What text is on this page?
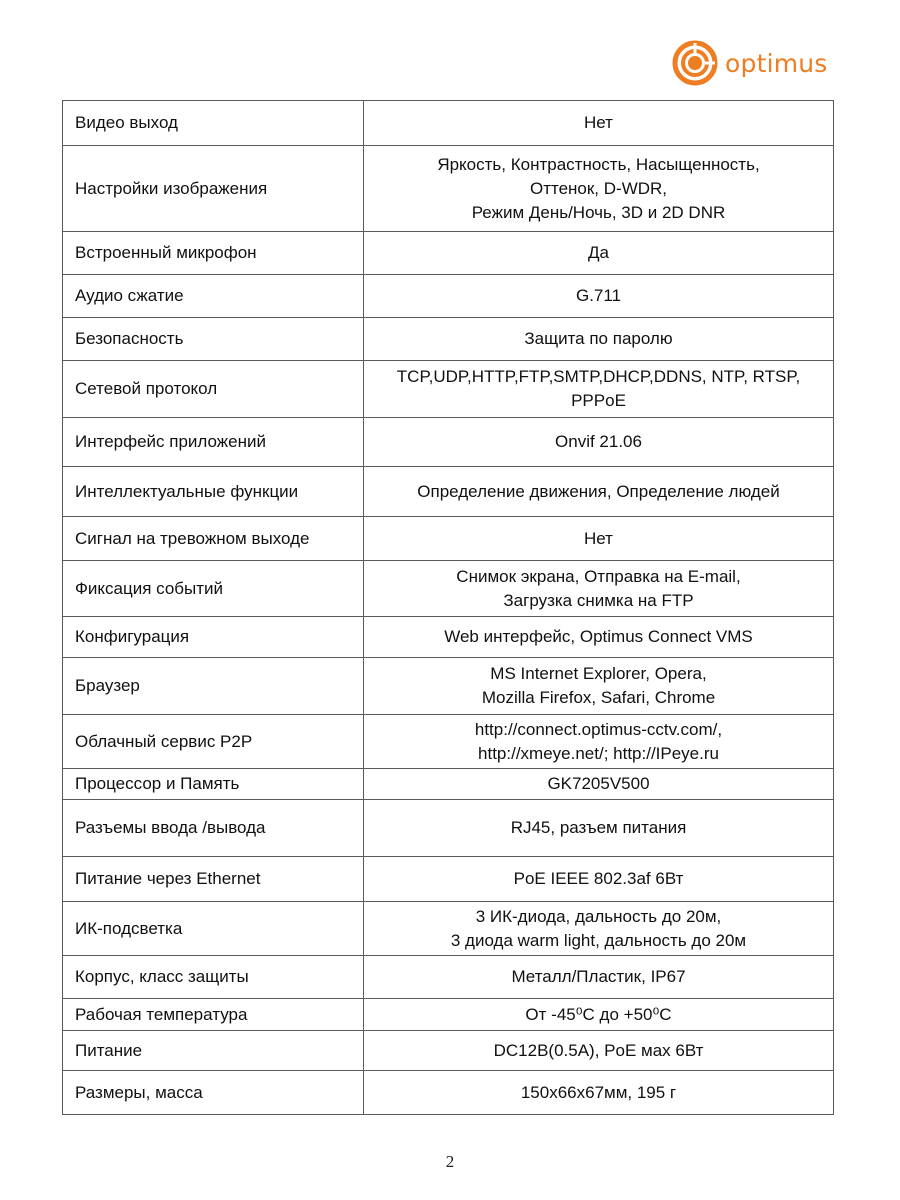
optimus
Видео выход	Нет
Настройки изображения	Яркость, Контрастность, Насыщенность,
Оттенок, D-WDR,
Режим День/Ночь, 3D и 2D DNR
Встроенный микрофон	Да
Аудио сжатие	G.711
Безопасность	Защита по паролю
Сетевой протокол	TCP,UDP,HTTP,FTP,SMTP,DHCP,DDNS, NTP, RTSP,
PPPoE
Интерфейс приложений	Onvif 21.06
Интеллектуальные функции	Определение движения, Определение людей
Сигнал на тревожном выходе	Нет
Фиксация событий	Снимок экрана, Отправка на E-mail,
Загрузка снимка на FTP
Конфигурация	Web интерфейс, Optimus Connect VMS
Браузер	MS Internet Explorer, Opera,
Mozilla Firefox, Safari, Chrome
Облачный сервис P2P	http://connect.optimus-cctv.com/,
http://xmeye.net/; http://IPeye.ru
Процессор и Память	GK7205V500
Разъемы ввода /вывода	RJ45, разъем питания
Питание через Ethernet	PoE IEEE 802.3af 6Вт
ИК-подсветка	3 ИК-диода, дальность до 20м,
3 диода warm light, дальность до 20м
Корпус, класс защиты	Металл/Пластик, IP67
Рабочая температура	От -45⁰С до +50⁰С
Питание	DC12В(0.5А), PoE мах 6Вт
Размеры, масса	150х66х67мм, 195 г
2
